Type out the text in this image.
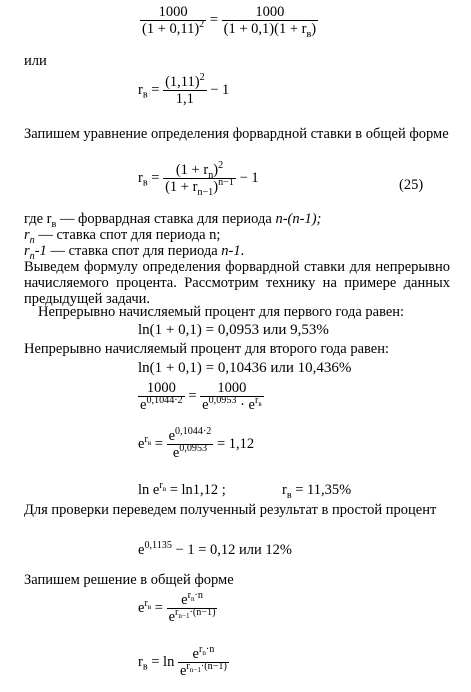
$\frac{1000}{(1 + 0,11)^2} = \frac{1000}{(1 + 0,1)(1 + r_в)}$
или
$r_в = \frac{(1,11)^2}{1,1} - 1$
Запишем уравнение определения форвардной ставки в общей форме
$r_в = \frac{(1 + r_n)^2}{(1 + r_{n-1})^{n-1}} - 1$	(25)
где $r_в$ — форвардная ставка для периода n-(n-1);
$r_n$ — ставка спот для периода n;
$r_n-1$ — ставка спот для периода n-1.
Выведем формулу определения форвардной ставки для непрерывно начисляемого процента. Рассмотрим технику на примере данных предыдущей задачи.
Непрерывно начисляемый процент для первого года равен:
ln(1 + 0,1) = 0,0953 или 9,53%
Непрерывно начисляемый процент для второго года равен:
ln(1 + 0,1) = 0,10436 или 10,436%
$\frac{1000}{e^{0,1044\cdot 2}} = \frac{1000}{e^{0,0953} \cdot e^{r_в}}$
$e^{r_в} = \frac{e^{0,1044\cdot 2}}{e^{0,0953}} = 1,12$
$\ln e^{r_в} = \ln 1,12$ ;	$r_в = 11,35\%$
Для проверки переведем полученный результат в простой процент
$e^{0,1135} - 1 = 0,12$ или 12%
Запишем решение в общей форме
$e^{r_в} = \frac{e^{r_n\cdot n}}{e^{r_{n-1}\cdot(n-1)}}$
$r_в = \ln \frac{e^{r_n\cdot n}}{e^{r_{n-1}\cdot(n-1)}}$
